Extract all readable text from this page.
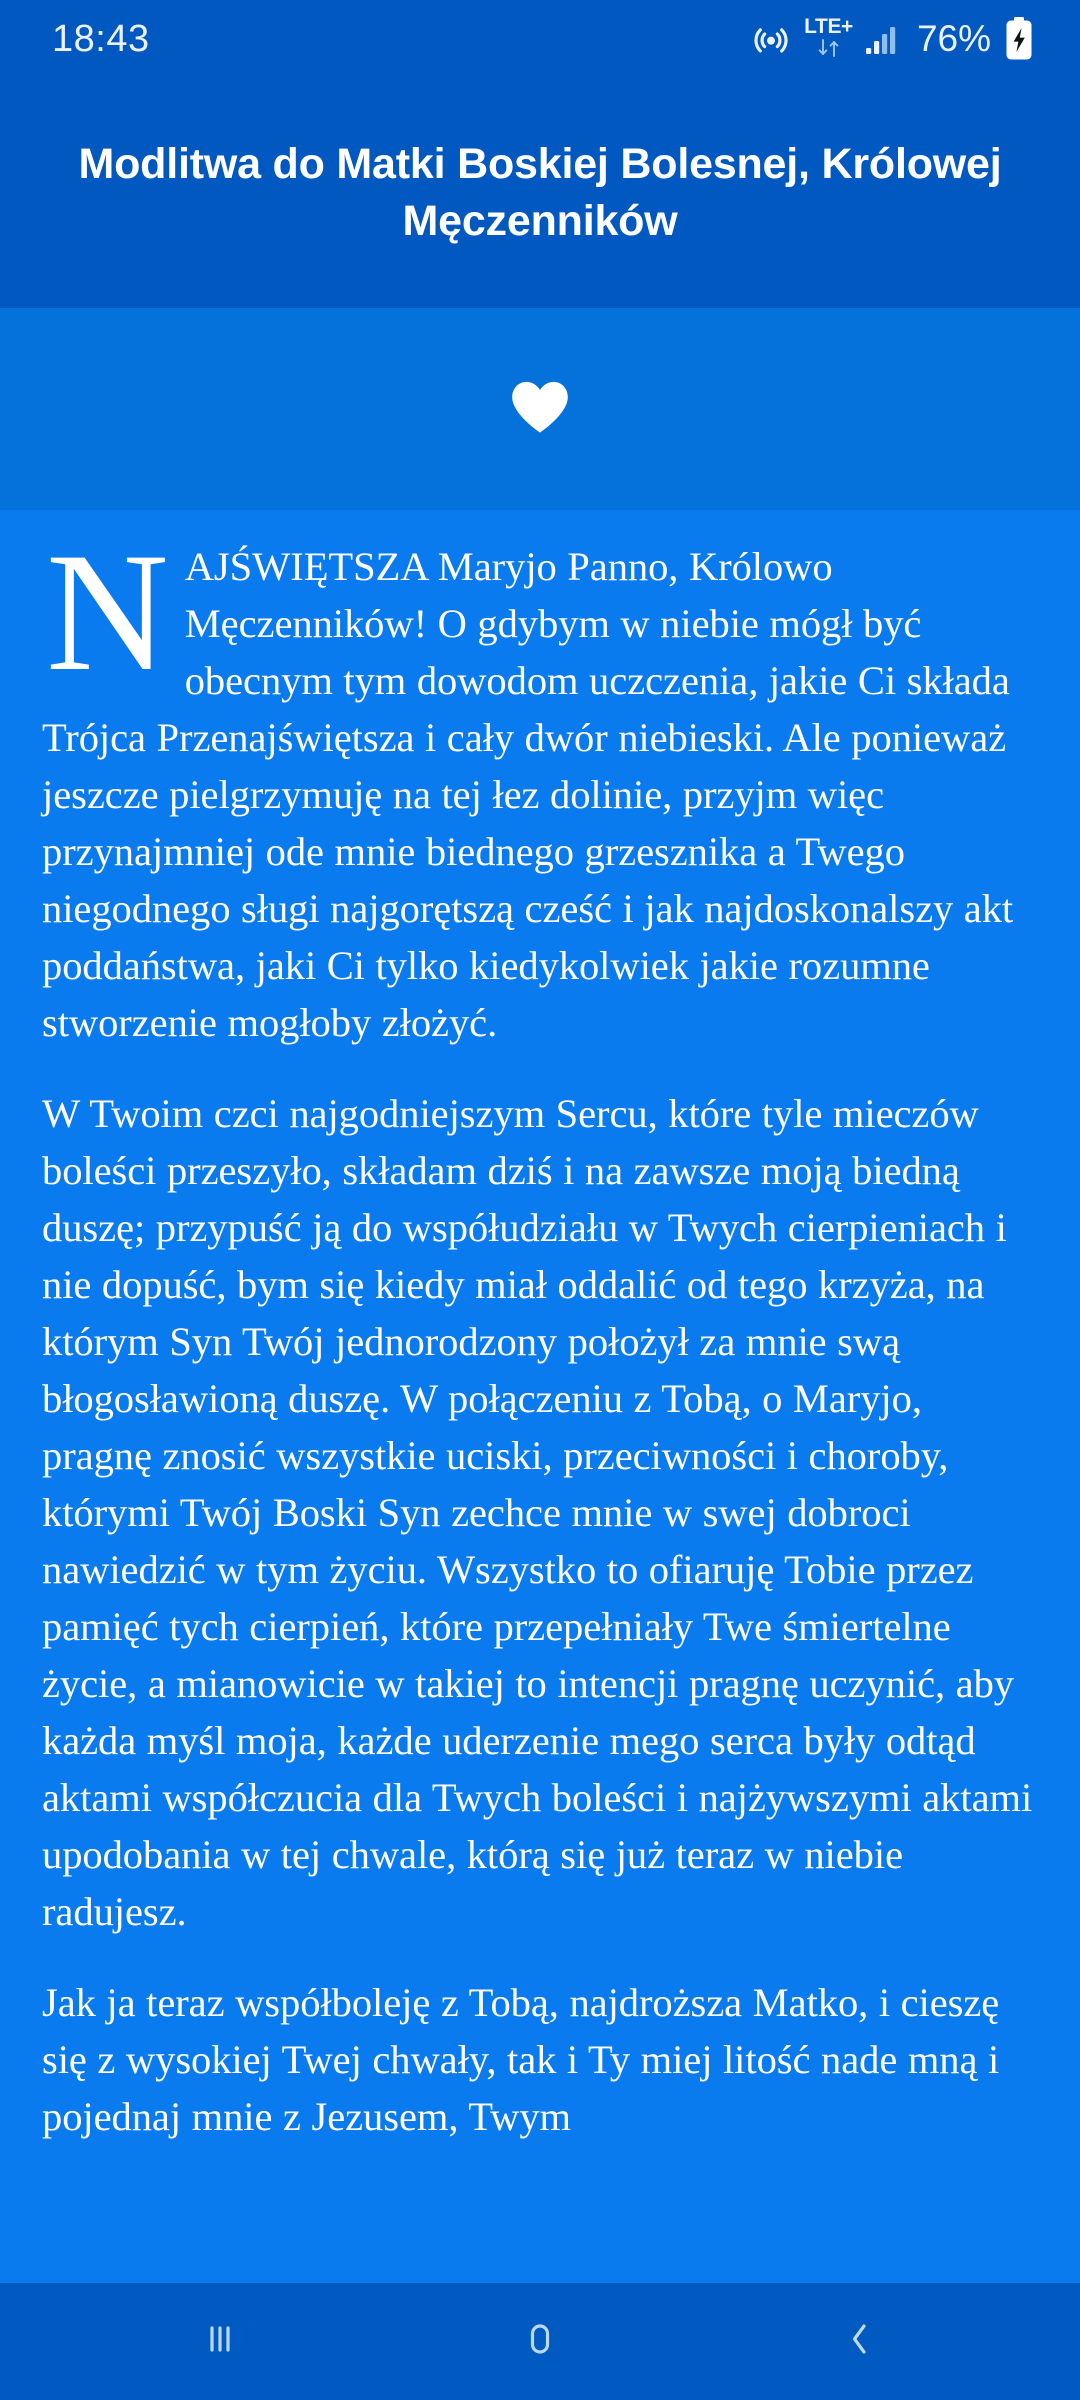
18:43	LTE+ 76%
Modlitwa do Matki Boskiej Bolesnej, Królowej Męczenników

NAJŚWIĘTSZA Maryjo Panno, Królowo Męczenników! O gdybym w niebie mógł być obecnym tym dowodom uczczenia, jakie Ci składa Trójca Przenajświętsza i cały dwór niebieski. Ale ponieważ jeszcze pielgrzymuję na tej łez dolinie, przyjm więc przynajmniej ode mnie biednego grzesznika a Twego niegodnego sługi najgorętszą cześć i jak najdoskonalszy akt poddaństwa, jaki Ci tylko kiedykolwiek jakie rozumne stworzenie mogłoby złożyć.

W Twoim czci najgodniejszym Sercu, które tyle mieczów boleści przeszyło, składam dziś i na zawsze moją biedną duszę; przypuść ją do współudziału w Twych cierpieniach i nie dopuść, bym się kiedy miał oddalić od tego krzyża, na którym Syn Twój jednorodzony położył za mnie swą błogosławioną duszę. W połączeniu z Tobą, o Maryjo, pragnę znosić wszystkie uciski, przeciwności i choroby, którymi Twój Boski Syn zechce mnie w swej dobroci nawiedzić w tym życiu. Wszystko to ofiaruję Tobie przez pamięć tych cierpień, które przepełniały Twe śmiertelne życie, a mianowicie w takiej to intencji pragnę uczynić, aby każda myśl moja, każde uderzenie mego serca były odtąd aktami współczucia dla Twych boleści i najżywszymi aktami upodobania w tej chwale, którą się już teraz w niebie radujesz.

Jak ja teraz współboleję z Tobą, najdroższa Matko, i cieszę się z wysokiej Twej chwały, tak i Ty miej litość nade mną i pojednaj mnie z Jezusem, Twym
